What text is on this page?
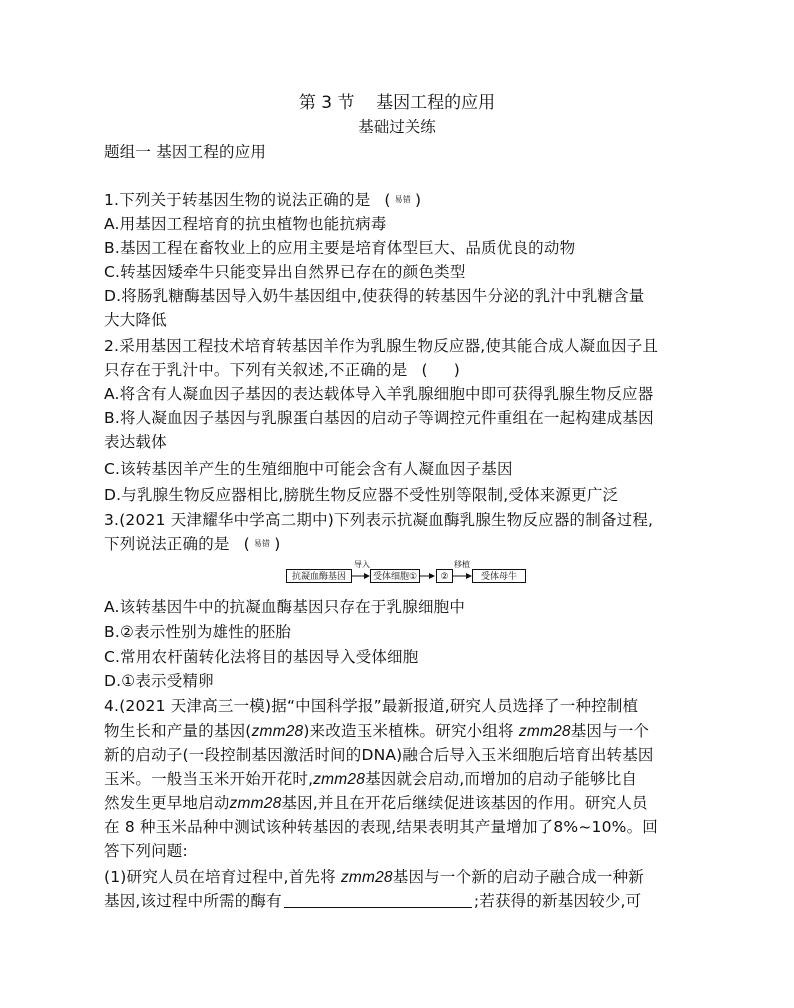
第 3 节    基因工程的应用
基础过关练
题组一 基因工程的应用
1.下列关于转基因生物的说法正确的是 ( 易错 )
A.用基因工程培育的抗虫植物也能抗病毒
B.基因工程在畜牧业上的应用主要是培育体型巨大、品质优良的动物
C.转基因矮牵牛只能变异出自然界已存在的颜色类型
D.将肠乳糖酶基因导入奶牛基因组中,使获得的转基因牛分泌的乳汁中乳糖含量
大大降低
2.采用基因工程技术培育转基因羊作为乳腺生物反应器,使其能合成人凝血因子且
只存在于乳汁中。下列有关叙述,不正确的是 ( )
A.将含有人凝血因子基因的表达载体导入羊乳腺细胞中即可获得乳腺生物反应器
B.将人凝血因子基因与乳腺蛋白基因的启动子等调控元件重组在一起构建成基因
表达载体
C.该转基因羊产生的生殖细胞中可能会含有人凝血因子基因
D.与乳腺生物反应器相比,膀胱生物反应器不受性别等限制,受体来源更广泛
3.(2021 天津耀华中学高二期中)下列表示抗凝血酶乳腺生物反应器的制备过程,
下列说法正确的是 ( 易错 )
抗凝血酶基因
导入
受体细胞①	②
移植
受体母牛
A.该转基因牛中的抗凝血酶基因只存在于乳腺细胞中
B.②表示性别为雄性的胚胎
C.常用农杆菌转化法将目的基因导入受体细胞
D.①表示受精卵
4.(2021 天津高三一模)据“中国科学报”最新报道,研究人员选择了一种控制植
物生长和产量的基因(zmm28)来改造玉米植株。研究小组将 zmm28基因与一个
新的启动子(一段控制基因激活时间的DNA)融合后导入玉米细胞后培育出转基因
玉米。一般当玉米开始开花时,zmm28基因就会启动,而增加的启动子能够比自
然发生更早地启动zmm28基因,并且在开花后继续促进该基因的作用。研究人员
在 8 种玉米品种中测试该种转基因的表现,结果表明其产量增加了8%~10%。回
答下列问题:
(1)研究人员在培育过程中,首先将 zmm28基因与一个新的启动子融合成一种新
基因,该过程中所需的酶有	;若获得的新基因较少,可
